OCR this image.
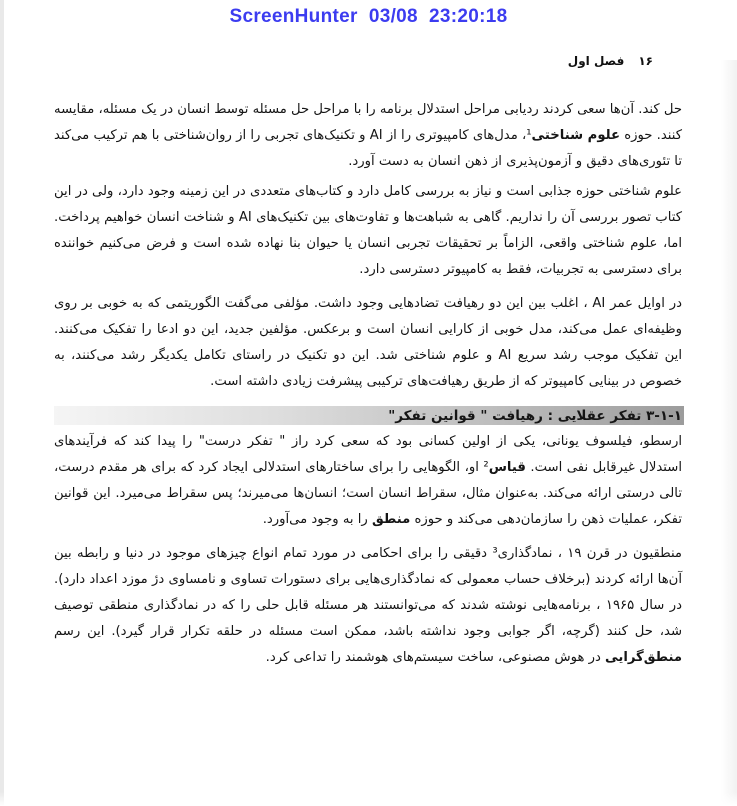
ScreenHunter  03/08  23:20:18
۱۶فصل اول

حل کند. آن‌ها سعی کردند ردیابی مراحل استدلال برنامه را با مراحل حل مسئله توسط انسان در یک مسئله، مقایسه کنند. حوزه علوم شناختی¹، مدل‌های کامپیوتری را از AI و تکنیک‌های تجربی را از روان‌شناختی با هم ترکیب می‌کند تا تئوری‌های دقیق و آزمون‌پذیری از ذهن انسان به دست آورد.

علوم شناختی حوزه جذابی است و نیاز به بررسی کامل دارد و کتاب‌های متعددی در این زمینه وجود دارد، ولی در این کتاب تصور بررسی آن را نداریم. گاهی به شباهت‌ها و تفاوت‌های بین تکنیک‌های AI و شناخت انسان خواهیم پرداخت. اما، علوم شناختی واقعی، الزاماً بر تحقیقات تجربی انسان یا حیوان بنا نهاده شده است و فرض می‌کنیم خواننده برای دسترسی به تجربیات، فقط به کامپیوتر دسترسی دارد.

در اوایل عمر AI ، اغلب بین این دو رهیافت تضادهایی وجود داشت. مؤلفی می‌گفت الگوریتمی که به خوبی بر روی وظیفه‌ای عمل می‌کند، مدل خوبی از کارایی انسان است و برعکس. مؤلفین جدید، این دو ادعا را تفکیک می‌کنند. این تفکیک موجب رشد سریع AI و علوم شناختی شد. این دو تکنیک در راستای تکامل یکدیگر رشد می‌کنند، به خصوص در بینایی کامپیوتر که از طریق رهیافت‌های ترکیبی پیشرفت زیادی داشته است.

۳-۱-۱ تفکر عقلایی : رهیافت " قوانین تفکر"

ارسطو، فیلسوف یونانی، یکی از اولین کسانی بود که سعی کرد راز " تفکر درست" را پیدا کند که فرآیندهای استدلال غیرقابل نفی است. قیاس² او، الگوهایی را برای ساختارهای استدلالی ایجاد کرد که برای هر مقدم درست، تالی درستی ارائه می‌کند. به‌عنوان مثال، سقراط انسان است؛ انسان‌ها می‌میرند؛ پس سقراط می‌میرد. این قوانین تفکر، عملیات ذهن را سازمان‌دهی می‌کند و حوزه منطق را به وجود می‌آورد.

منطقیون در قرن ۱۹ ، نمادگذاری³ دقیقی را برای احکامی در مورد تمام انواع چیزهای موجود در دنیا و رابطه بین آن‌ها ارائه کردند (برخلاف حساب معمولی که نمادگذاری‌هایی برای دستورات تساوی و نامساوی درٔ موزد اعداد دارد). در سال ۱۹۶۵ ، برنامه‌هایی نوشته شدند که می‌توانستند هر مسئله قابل حلی را که در نمادگذاری منطقی توصیف شد، حل کنند (گرچه، اگر جوابی وجود نداشته باشد، ممکن است مسئله در حلقه تکرار قرار گیرد). این رسم منطق‌گرایی در هوش مصنوعی، ساخت سیستم‌های هوشمند را تداعی کرد.
